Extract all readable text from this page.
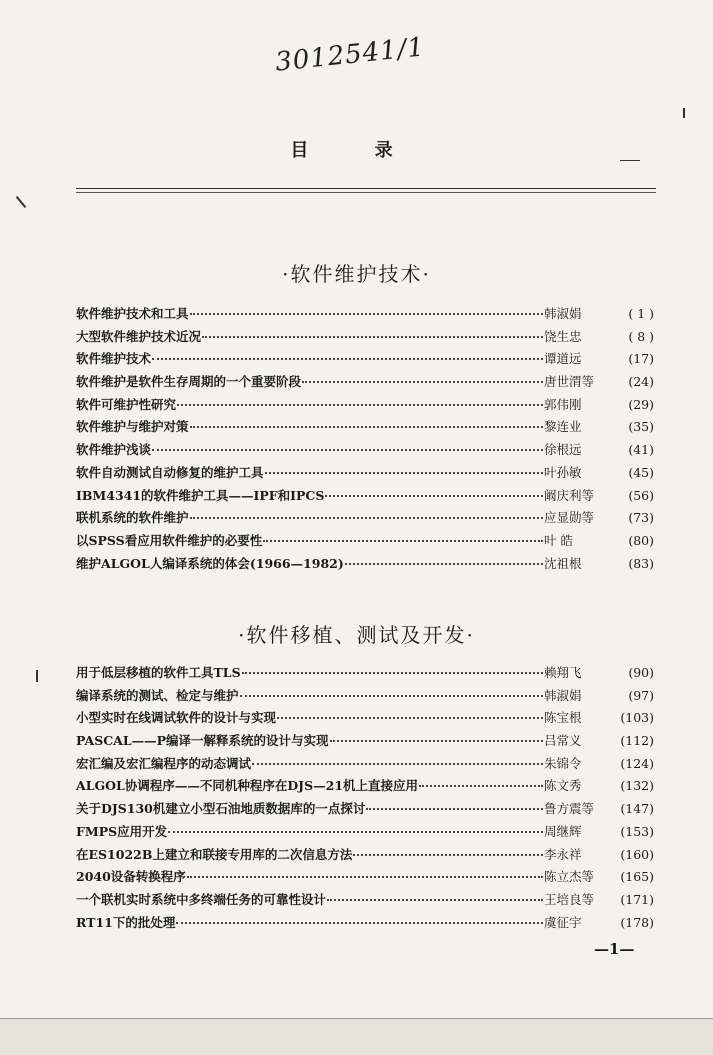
3012541/1
目 录
·软件维护技术·
软件维护技术和工具	韩淑娟	( 1 )
大型软件维护技术近况	饶生忠	( 8 )
软件维护技术	谭道远	(17)
软件维护是软件生存周期的一个重要阶段	唐世渭等	(24)
软件可维护性研究	郭伟刚	(29)
软件维护与维护对策	黎连业	(35)
软件维护浅谈	徐根远	(41)
软件自动测试自动修复的维护工具	叶孙敏	(45)
IBM4341的软件维护工具——IPF和IPCS	阚庆利等	(56)
联机系统的软件维护	应显勋等	(73)
以SPSS看应用软件维护的必要性	叶 皓	(80)
维护ALGOL人编译系统的体会(1966—1982)	沈祖根	(83)
·软件移植、测试及开发·
用于低层移植的软件工具TLS	赖翔飞	(90)
编译系统的测试、检定与维护	韩淑娟	(97)
小型实时在线调试软件的设计与实现	陈宝根	(103)
PASCAL——P编译一解释系统的设计与实现	吕常义	(112)
宏汇编及宏汇编程序的动态调试	朱锦令	(124)
ALGOL协调程序——不同机种程序在DJS—21机上直接应用	陈文秀	(132)
关于DJS130机建立小型石油地质数据库的一点探讨	鲁方震等	(147)
FMPS应用开发	周继辉	(153)
在ES1022B上建立和联接专用库的二次信息方法	李永祥	(160)
2040设备转换程序	陈立杰等	(165)
一个联机实时系统中多终端任务的可靠性设计	王培良等	(171)
RT11下的批处理	虞征宇	(178)
—1—
